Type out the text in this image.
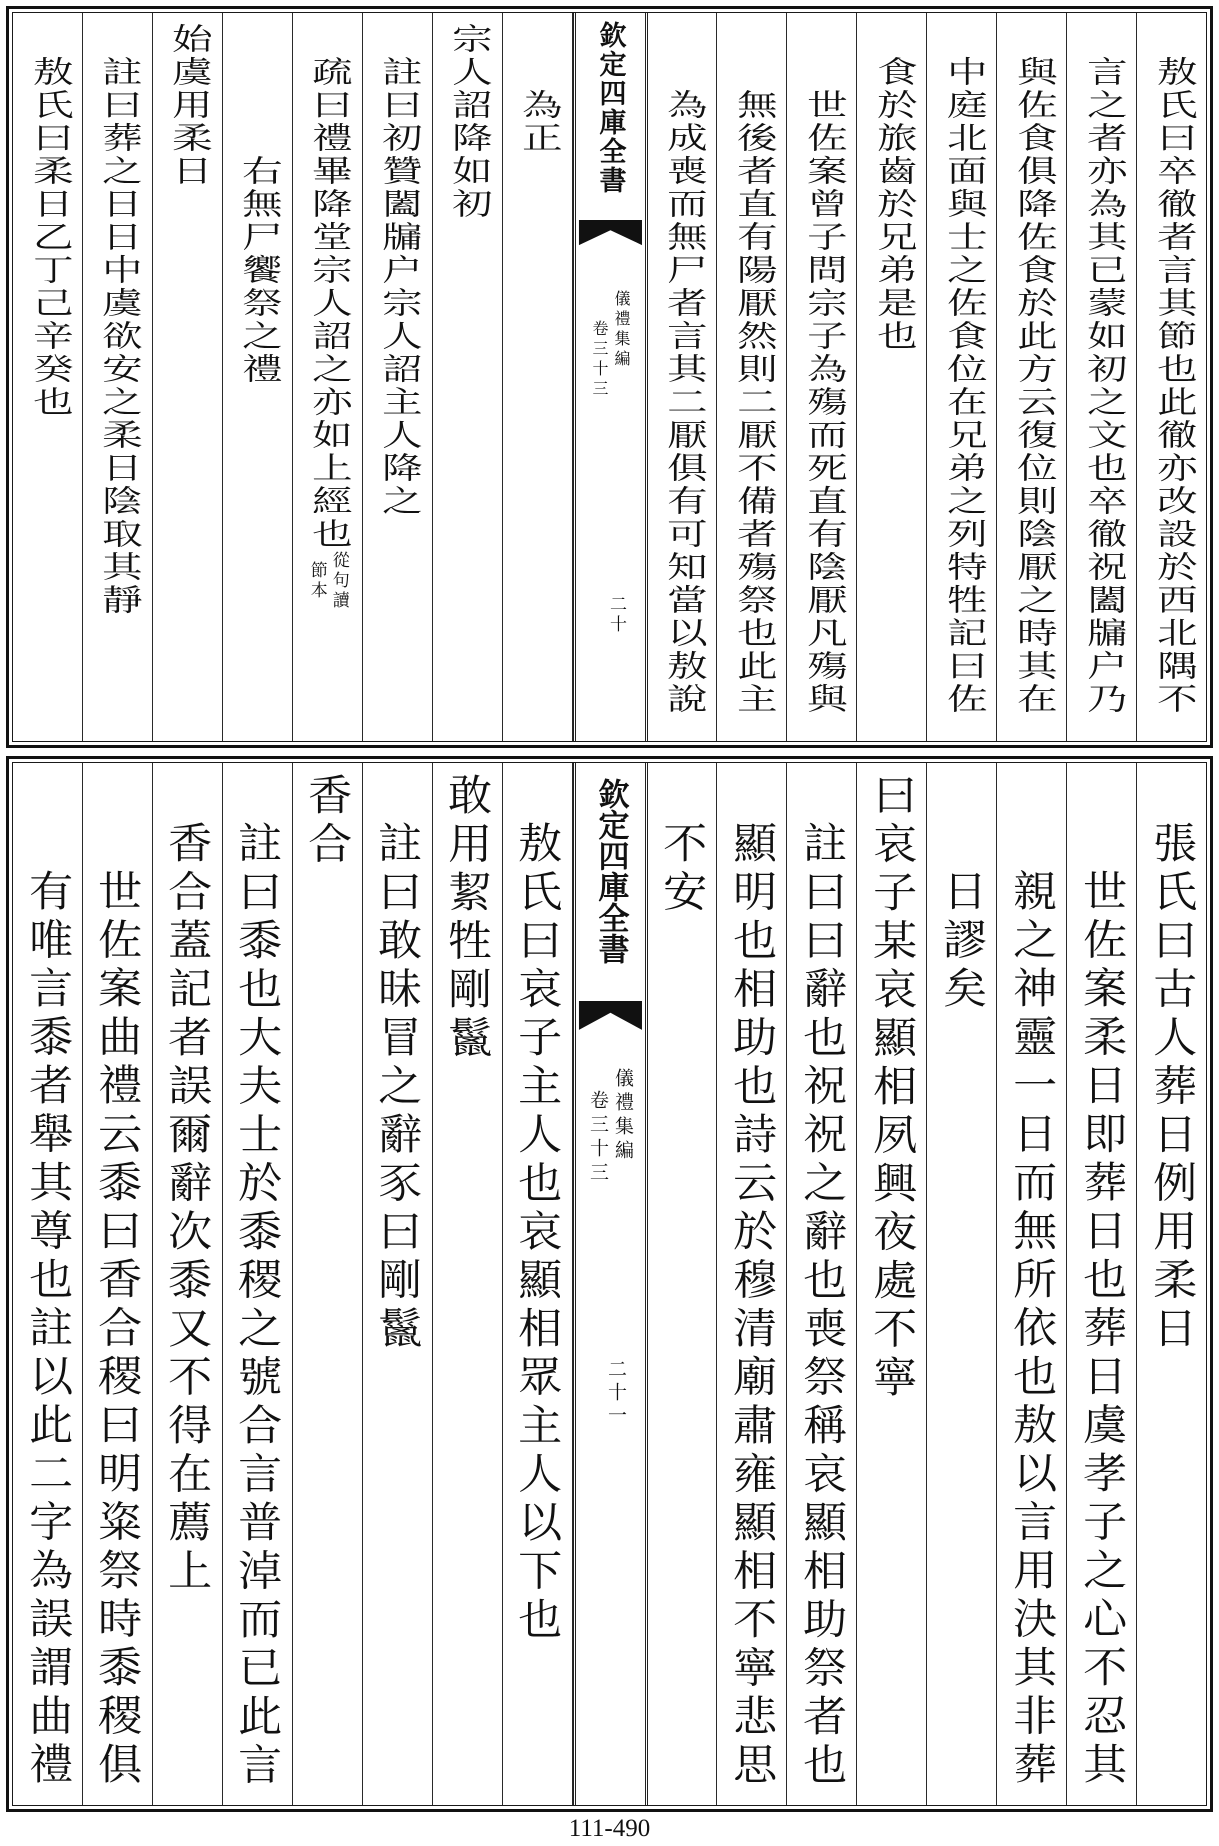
敖氏曰卒徹者言其節也此徹亦改設於西北隅不
言之者亦為其已蒙如初之文也卒徹祝闔牖户乃
與佐食俱降佐食於此方云復位則陰厭之時其在
中庭北面與士之佐食位在兄弟之列特牲記曰佐
食於旅齒於兄弟是也
世佐案曾子問宗子為殤而死直有陰厭凡殤與
無後者直有陽厭然則二厭不備者殤祭也此主
為成喪而無尸者言其二厭俱有可知當以敖說
欽定四庫全書
儀禮集編
卷三十三
二十
為正
宗人詔降如初
註曰初贊闔牖户宗人詔主人降之
疏曰禮畢降堂宗人詔之亦如上經也
從句讀
節本
右無尸饗祭之禮
始虞用柔日
註曰葬之日日中虞欲安之柔日陰取其靜
敖氏曰柔日乙丁己辛癸也
張氏曰古人葬日例用柔日
世佐案柔日即葬日也葬日虞孝子之心不忍其
親之神靈一日而無所依也敖以言用決其非葬
日謬矣
曰哀子某哀顯相夙興夜處不寧
註曰曰辭也祝祝之辭也喪祭稱哀顯相助祭者也
顯明也相助也詩云於穆清廟肅雍顯相不寧悲思
不安
欽定四庫全書
儀禮集編
卷三十三
二十一
敖氏曰哀子主人也哀顯相眾主人以下也
敢用絜牲剛鬣
註曰敢昧冒之辭豕曰剛鬣
香合
註曰黍也大夫士於黍稷之號合言普淖而已此言
香合蓋記者誤爾辭次黍又不得在薦上
世佐案曲禮云黍曰香合稷曰明粢祭時黍稷俱
有唯言黍者舉其尊也註以此二字為誤謂曲禮
111-490
